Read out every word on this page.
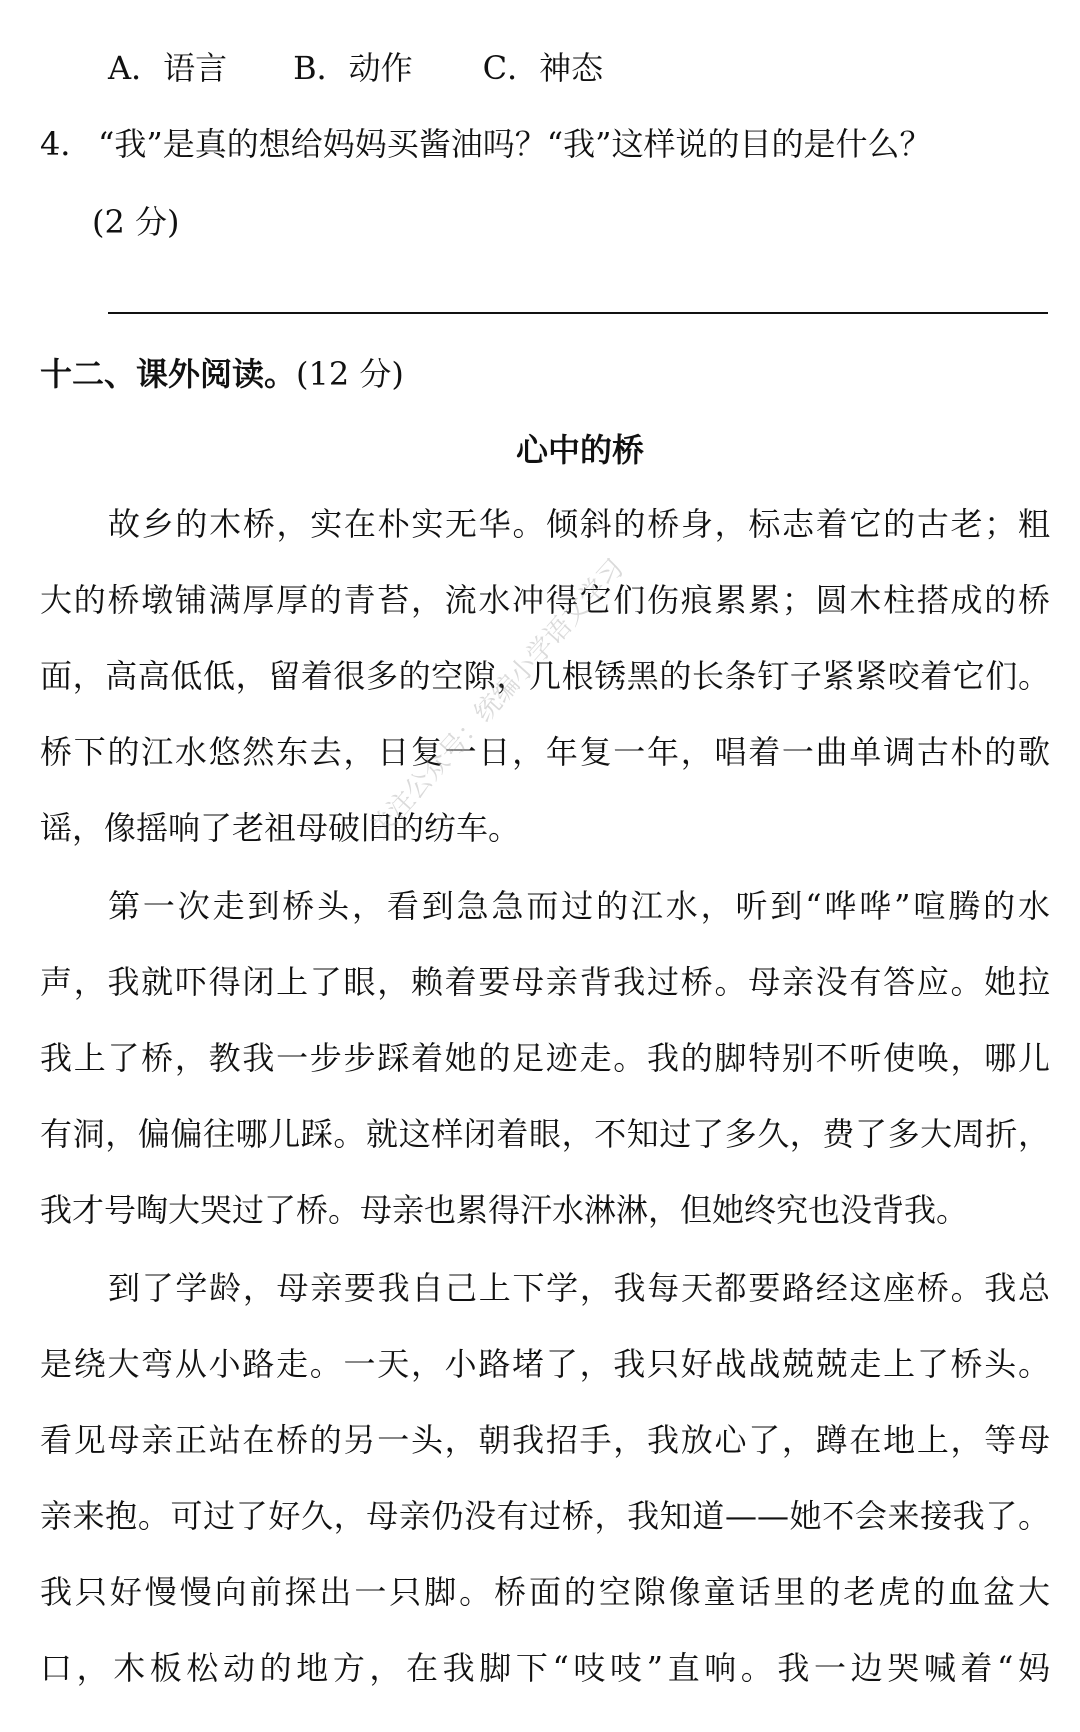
A．语言 B．动作 C．神态
4． “我”是真的想给妈妈买酱油吗？“我”这样说的目的是什么？
(2 分)
十二、课外阅读。(12 分)
心中的桥
故乡的木桥，实在朴实无华。倾斜的桥身，标志着它的古老；粗
大的桥墩铺满厚厚的青苔，流水冲得它们伤痕累累；圆木柱搭成的桥
面，高高低低，留着很多的空隙，几根锈黑的长条钉子紧紧咬着它们。
桥下的江水悠然东去，日复一日，年复一年，唱着一曲单调古朴的歌
谣，像摇响了老祖母破旧的纺车。
第一次走到桥头，看到急急而过的江水，听到“哗哗”喧腾的水
声，我就吓得闭上了眼，赖着要母亲背我过桥。母亲没有答应。她拉
我上了桥，教我一步步踩着她的足迹走。我的脚特别不听使唤，哪儿
有洞，偏偏往哪儿踩。就这样闭着眼，不知过了多久，费了多大周折，
我才号啕大哭过了桥。母亲也累得汗水淋淋，但她终究也没背我。
到了学龄，母亲要我自己上下学，我每天都要路经这座桥。我总
是绕大弯从小路走。一天，小路堵了，我只好战战兢兢走上了桥头。
看见母亲正站在桥的另一头，朝我招手，我放心了，蹲在地上，等母
亲来抱。可过了好久，母亲仍没有过桥，我知道——她不会来接我了。
我只好慢慢向前探出一只脚。桥面的空隙像童话里的老虎的血盆大
口，木板松动的地方，在我脚下“吱吱”直响。我一边哭喊着“妈
关注公众号：统编小学语文学习
